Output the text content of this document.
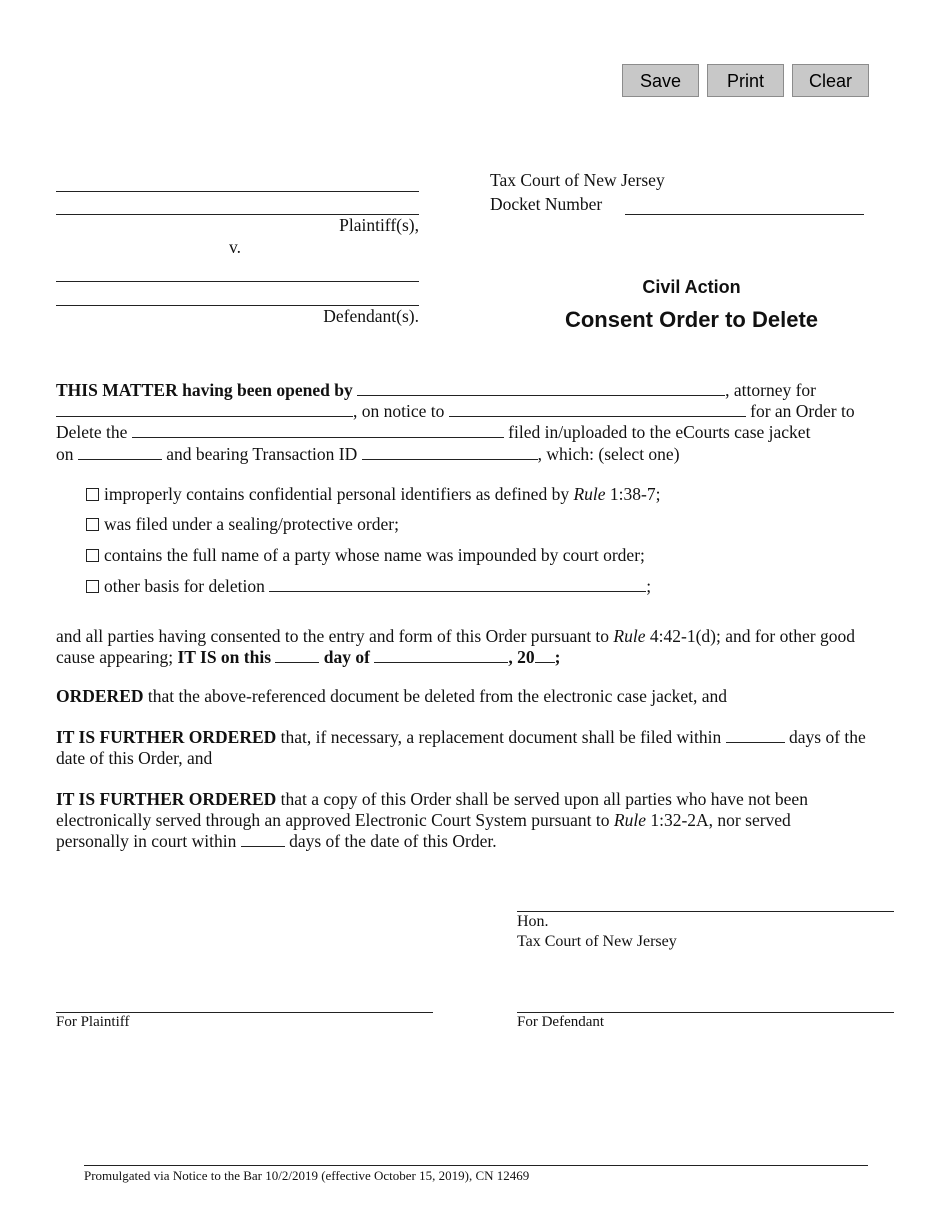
Save	Print	Clear
Plaintiff(s),
v.
Defendant(s).
Tax Court of New Jersey
Docket Number
Civil Action
Consent Order to Delete
THIS MATTER having been opened by	, attorney for
, on notice to	for an Order to
Delete the	filed in/uploaded to the eCourts case jacket
on	and bearing Transaction ID	, which: (select one)
improperly contains confidential personal identifiers as defined by Rule 1:38-7;
was filed under a sealing/protective order;
contains the full name of a party whose name was impounded by court order;
other basis for deletion	;
and all parties having consented to the entry and form of this Order pursuant to Rule 4:42-1(d); and for other good cause appearing; IT IS on this	day of	, 20 ;
ORDERED that the above-referenced document be deleted from the electronic case jacket, and
IT IS FURTHER ORDERED that, if necessary, a replacement document shall be filed within	days of the date of this Order, and
IT IS FURTHER ORDERED that a copy of this Order shall be served upon all parties who have not been electronically served through an approved Electronic Court System pursuant to Rule 1:32-2A, nor served personally in court within	days of the date of this Order.
Hon.
Tax Court of New Jersey
For Plaintiff	For Defendant
Promulgated via Notice to the Bar 10/2/2019 (effective October 15, 2019), CN 12469
